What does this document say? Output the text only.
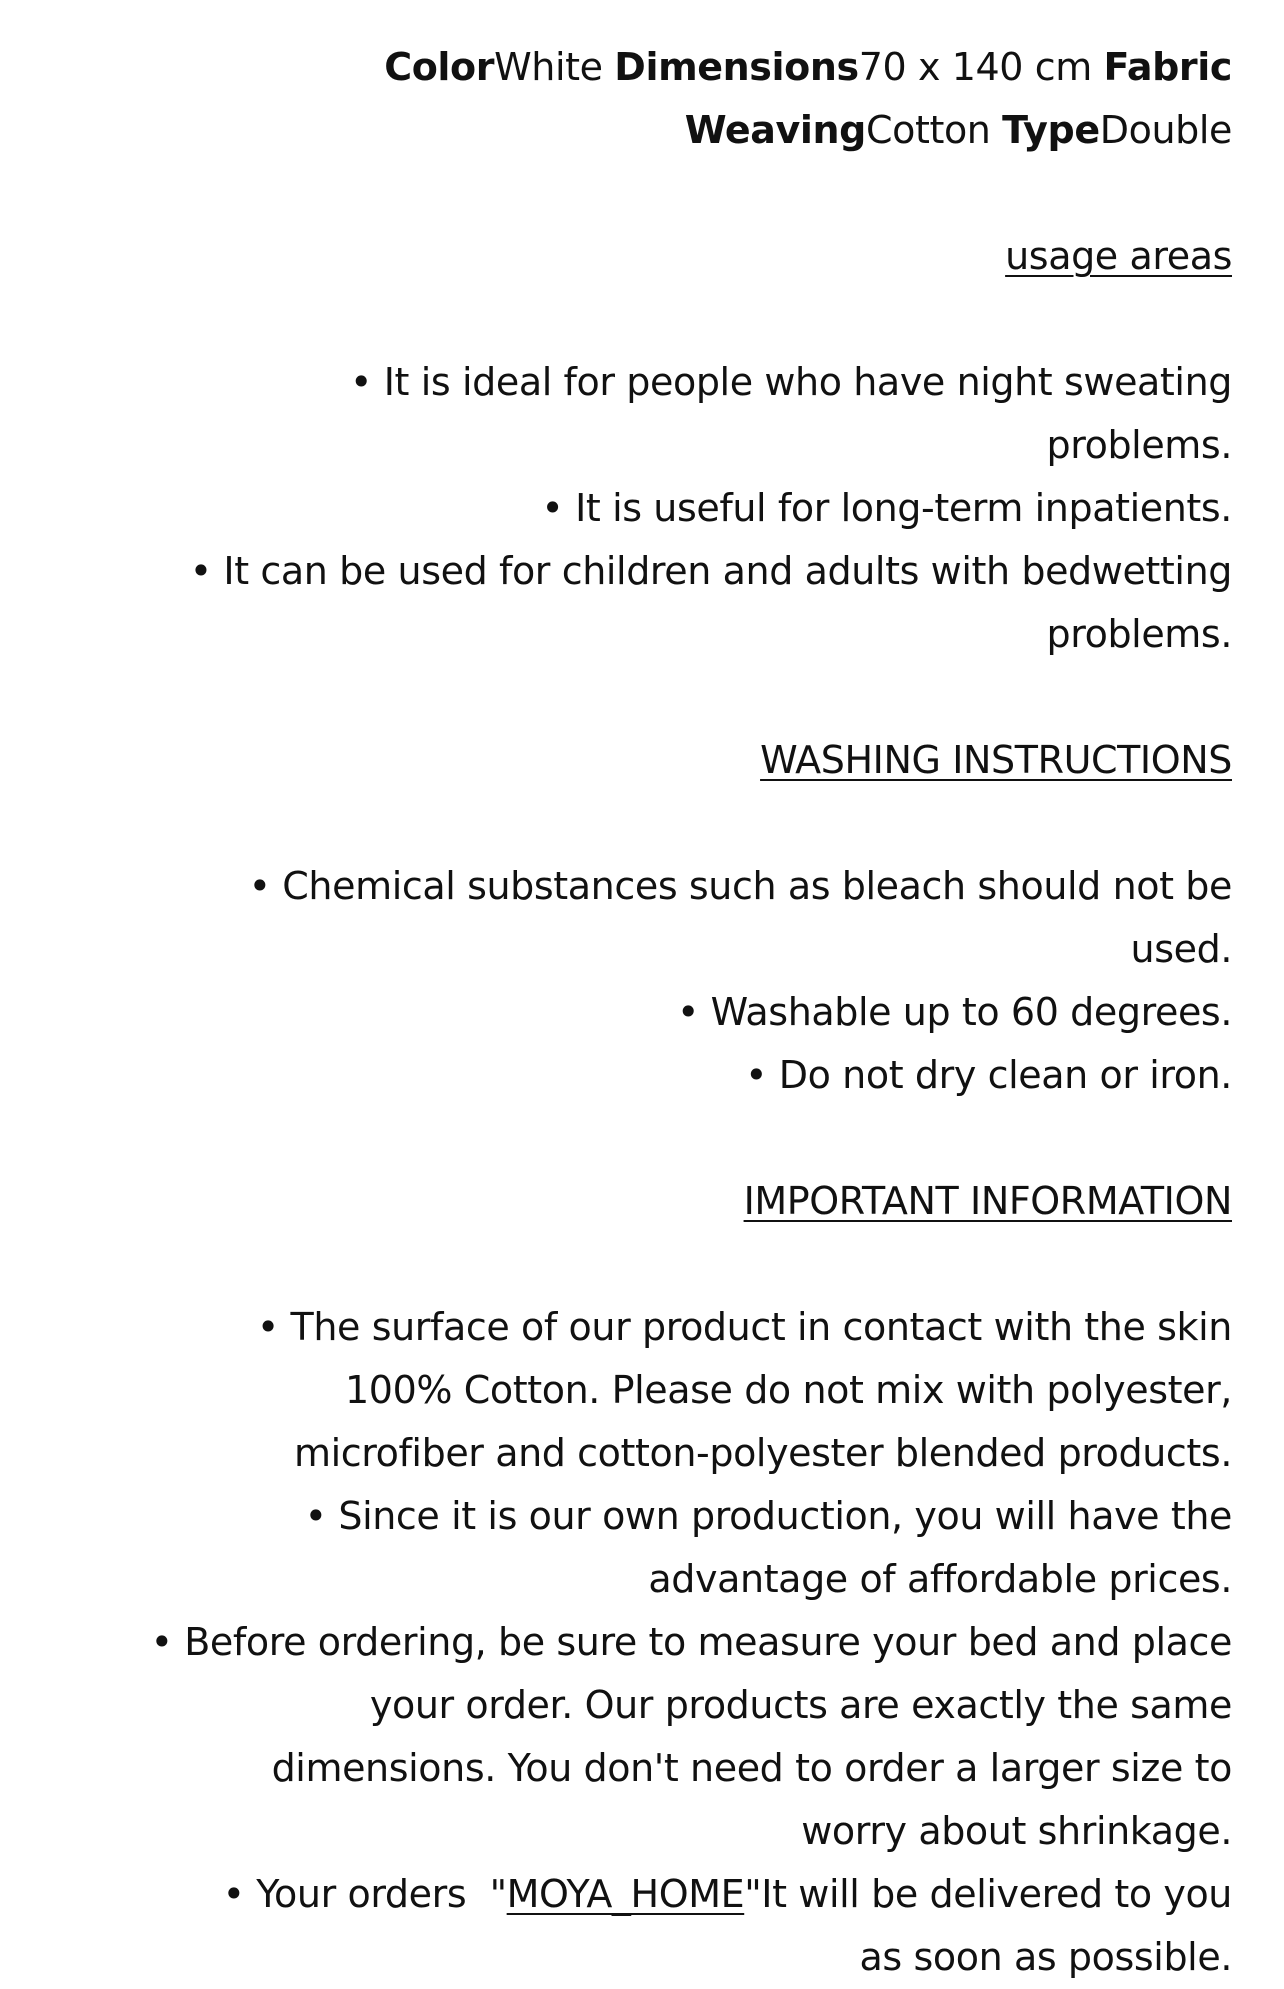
ColorWhite Dimensions70 x 140 cm Fabric
WeavingCotton TypeDouble
usage areas
• It is ideal for people who have night sweating
problems.
• It is useful for long-term inpatients.
• It can be used for children and adults with bedwetting
problems.
WASHING INSTRUCTIONS
• Chemical substances such as bleach should not be
used.
• Washable up to 60 degrees.
• Do not dry clean or iron.
IMPORTANT INFORMATION
• The surface of our product in contact with the skin
100% Cotton. Please do not mix with polyester,
microfiber and cotton-polyester blended products.
• Since it is our own production, you will have the
advantage of affordable prices.
• Before ordering, be sure to measure your bed and place
your order. Our products are exactly the same
dimensions. You don't need to order a larger size to
worry about shrinkage.
• Your orders  "MOYA_HOME"It will be delivered to you
as soon as possible.
